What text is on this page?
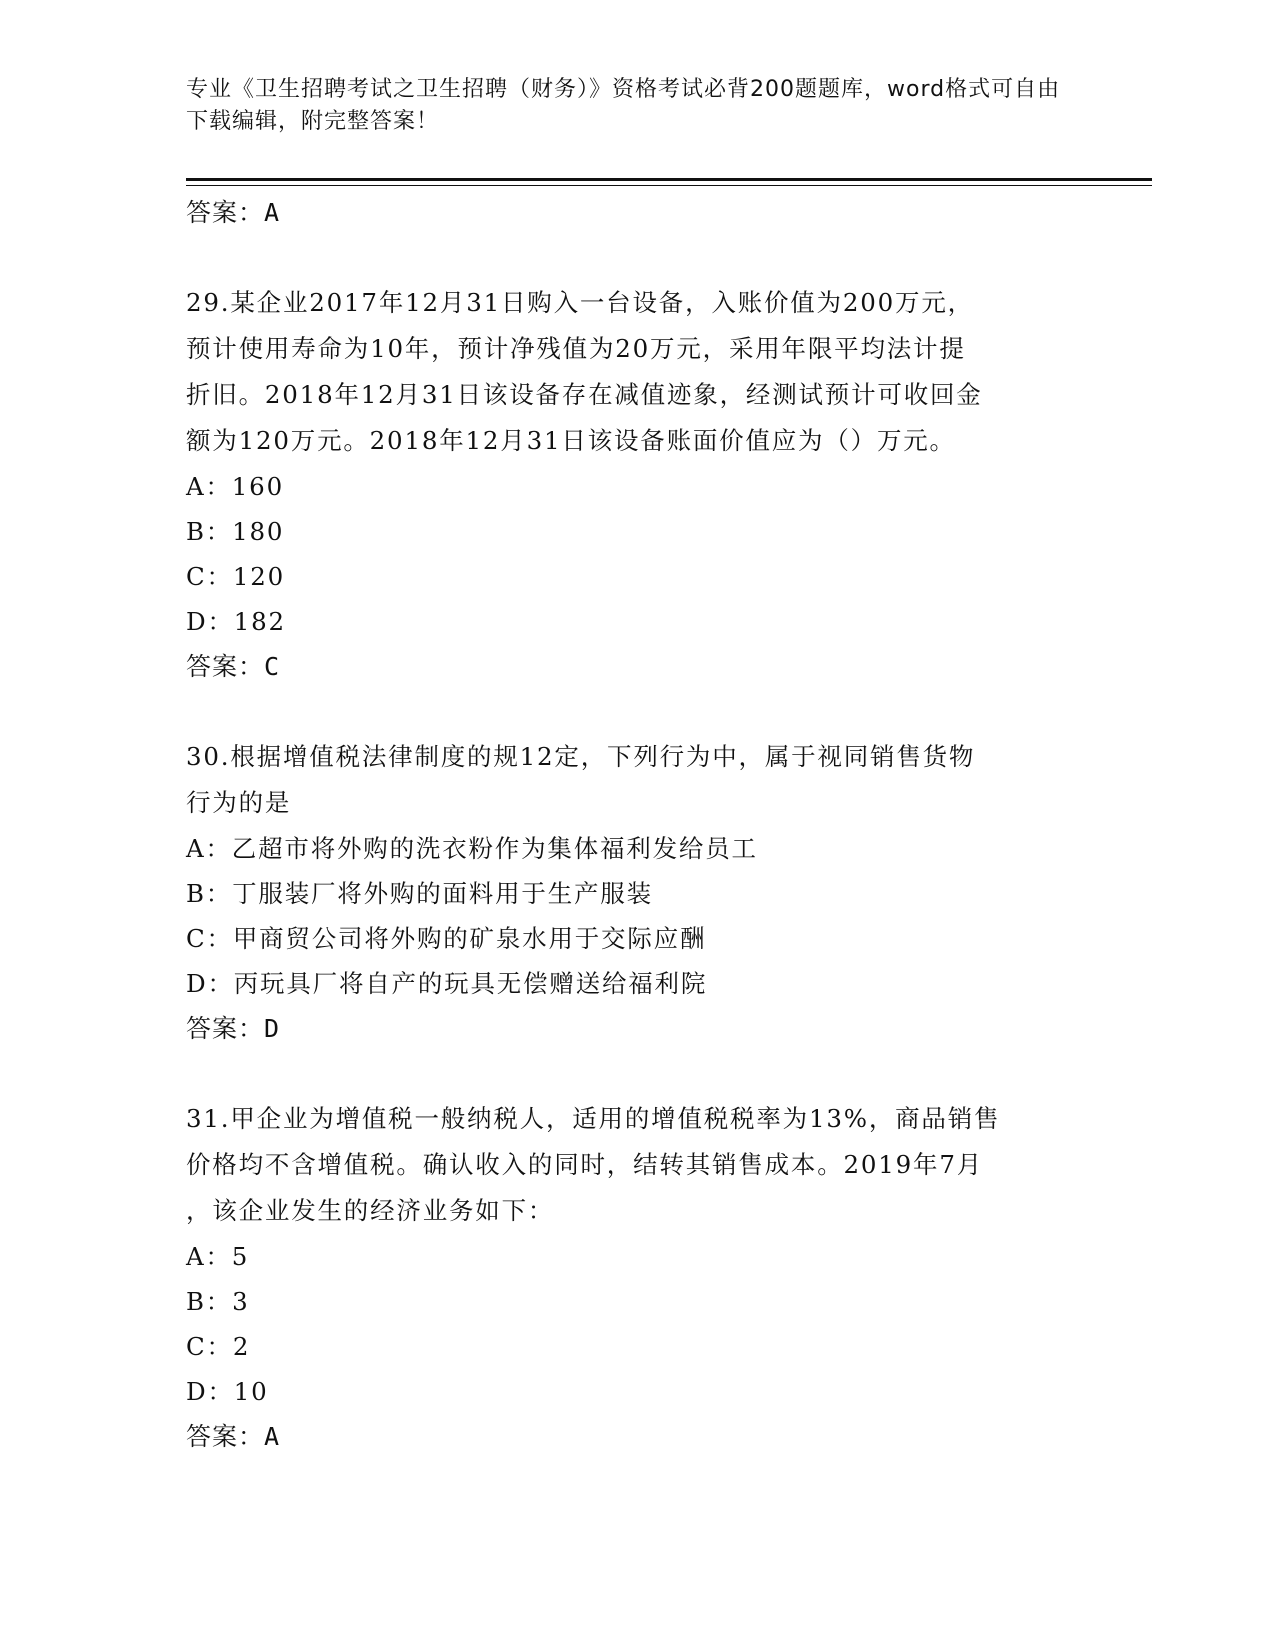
专业《卫生招聘考试之卫生招聘（财务）》资格考试必背200题题库，word格式可自由下载编辑，附完整答案！
答案：A
29.某企业2017年12月31日购入一台设备，入账价值为200万元，
预计使用寿命为10年，预计净残值为20万元，采用年限平均法计提
折旧。2018年12月31日该设备存在减值迹象，经测试预计可收回金
额为120万元。2018年12月31日该设备账面价值应为（）万元。
A：160
B：180
C：120
D：182
答案：C
30.根据增值税法律制度的规12定，下列行为中，属于视同销售货物
行为的是
A：乙超市将外购的洗衣粉作为集体福利发给员工
B：丁服装厂将外购的面料用于生产服装
C：甲商贸公司将外购的矿泉水用于交际应酬
D：丙玩具厂将自产的玩具无偿赠送给福利院
答案：D
31.甲企业为增值税一般纳税人，适用的增值税税率为13%，商品销售
价格均不含增值税。确认收入的同时，结转其销售成本。2019年7月
，该企业发生的经济业务如下：
A：5
B：3
C：2
D：10
答案：A
